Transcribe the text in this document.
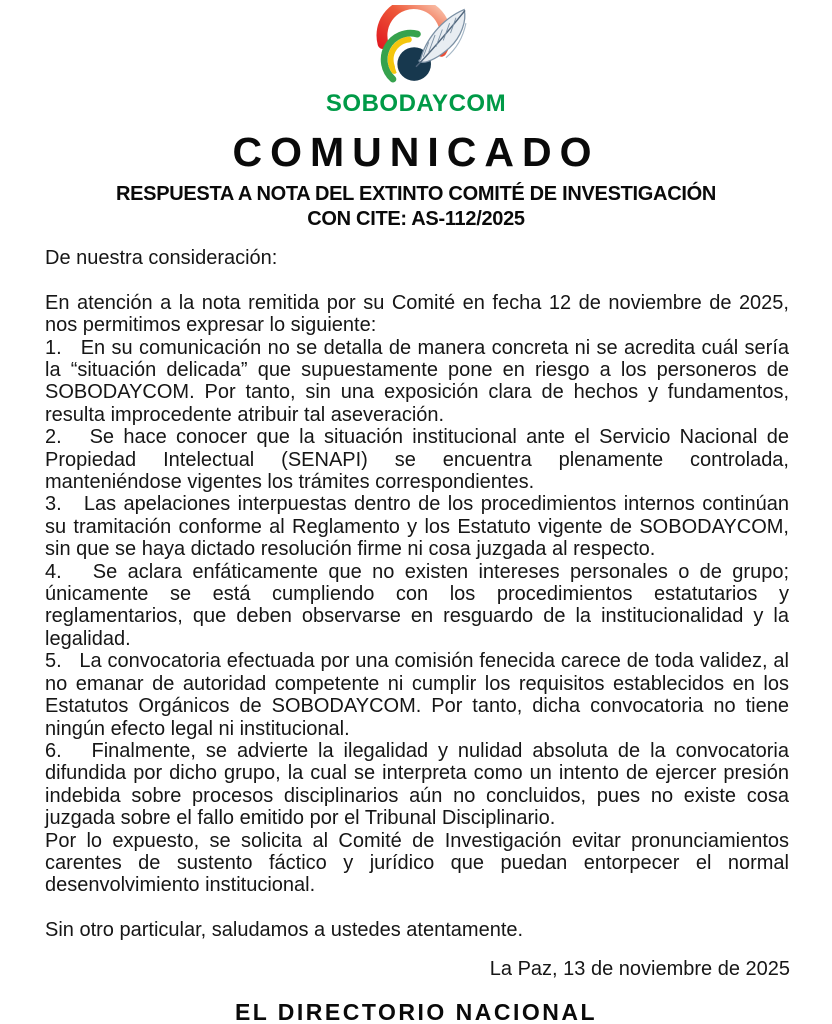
SOBODAYCOM
COMUNICADO
RESPUESTA A NOTA DEL EXTINTO COMITÉ DE INVESTIGACIÓN
CON CITE: AS-112/2025

De nuestra consideración:

En atención a la nota remitida por su Comité en fecha 12 de noviembre de 2025, nos permitimos expresar lo siguiente:

1.   En su comunicación no se detalla de manera concreta ni se acredita cuál sería la “situación delicada” que supuestamente pone en riesgo a los personeros de SOBODAYCOM. Por tanto, sin una exposición clara de hechos y fundamentos, resulta improcedente atribuir tal aseveración.

2.   Se hace conocer que la situación institucional ante el Servicio Nacional de Propiedad Intelectual (SENAPI) se encuentra plenamente controlada, manteniéndose vigentes los trámites correspondientes.

3.   Las apelaciones interpuestas dentro de los procedimientos internos continúan su tramitación conforme al Reglamento y los Estatuto vigente de SOBODAYCOM, sin que se haya dictado resolución firme ni cosa juzgada al respecto.

4.   Se aclara enfáticamente que no existen intereses personales o de grupo; únicamente se está cumpliendo con los procedimientos estatutarios y reglamentarios, que deben observarse en resguardo de la institucionalidad y la legalidad.

5.   La convocatoria efectuada por una comisión fenecida carece de toda validez, al no emanar de autoridad competente ni cumplir los requisitos establecidos en los Estatutos Orgánicos de SOBODAYCOM. Por tanto, dicha convocatoria no tiene ningún efecto legal ni institucional.

6.   Finalmente, se advierte la ilegalidad y nulidad absoluta de la convocatoria difundida por dicho grupo, la cual se interpreta como un intento de ejercer presión indebida sobre procesos disciplinarios aún no concluidos, pues no existe cosa juzgada sobre el fallo emitido por el Tribunal Disciplinario.

Por lo expuesto, se solicita al Comité de Investigación evitar pronunciamientos carentes de sustento fáctico y jurídico que puedan entorpecer el normal desenvolvimiento institucional.

Sin otro particular, saludamos a ustedes atentamente.

La Paz, 13 de noviembre de 2025
EL DIRECTORIO NACIONAL
